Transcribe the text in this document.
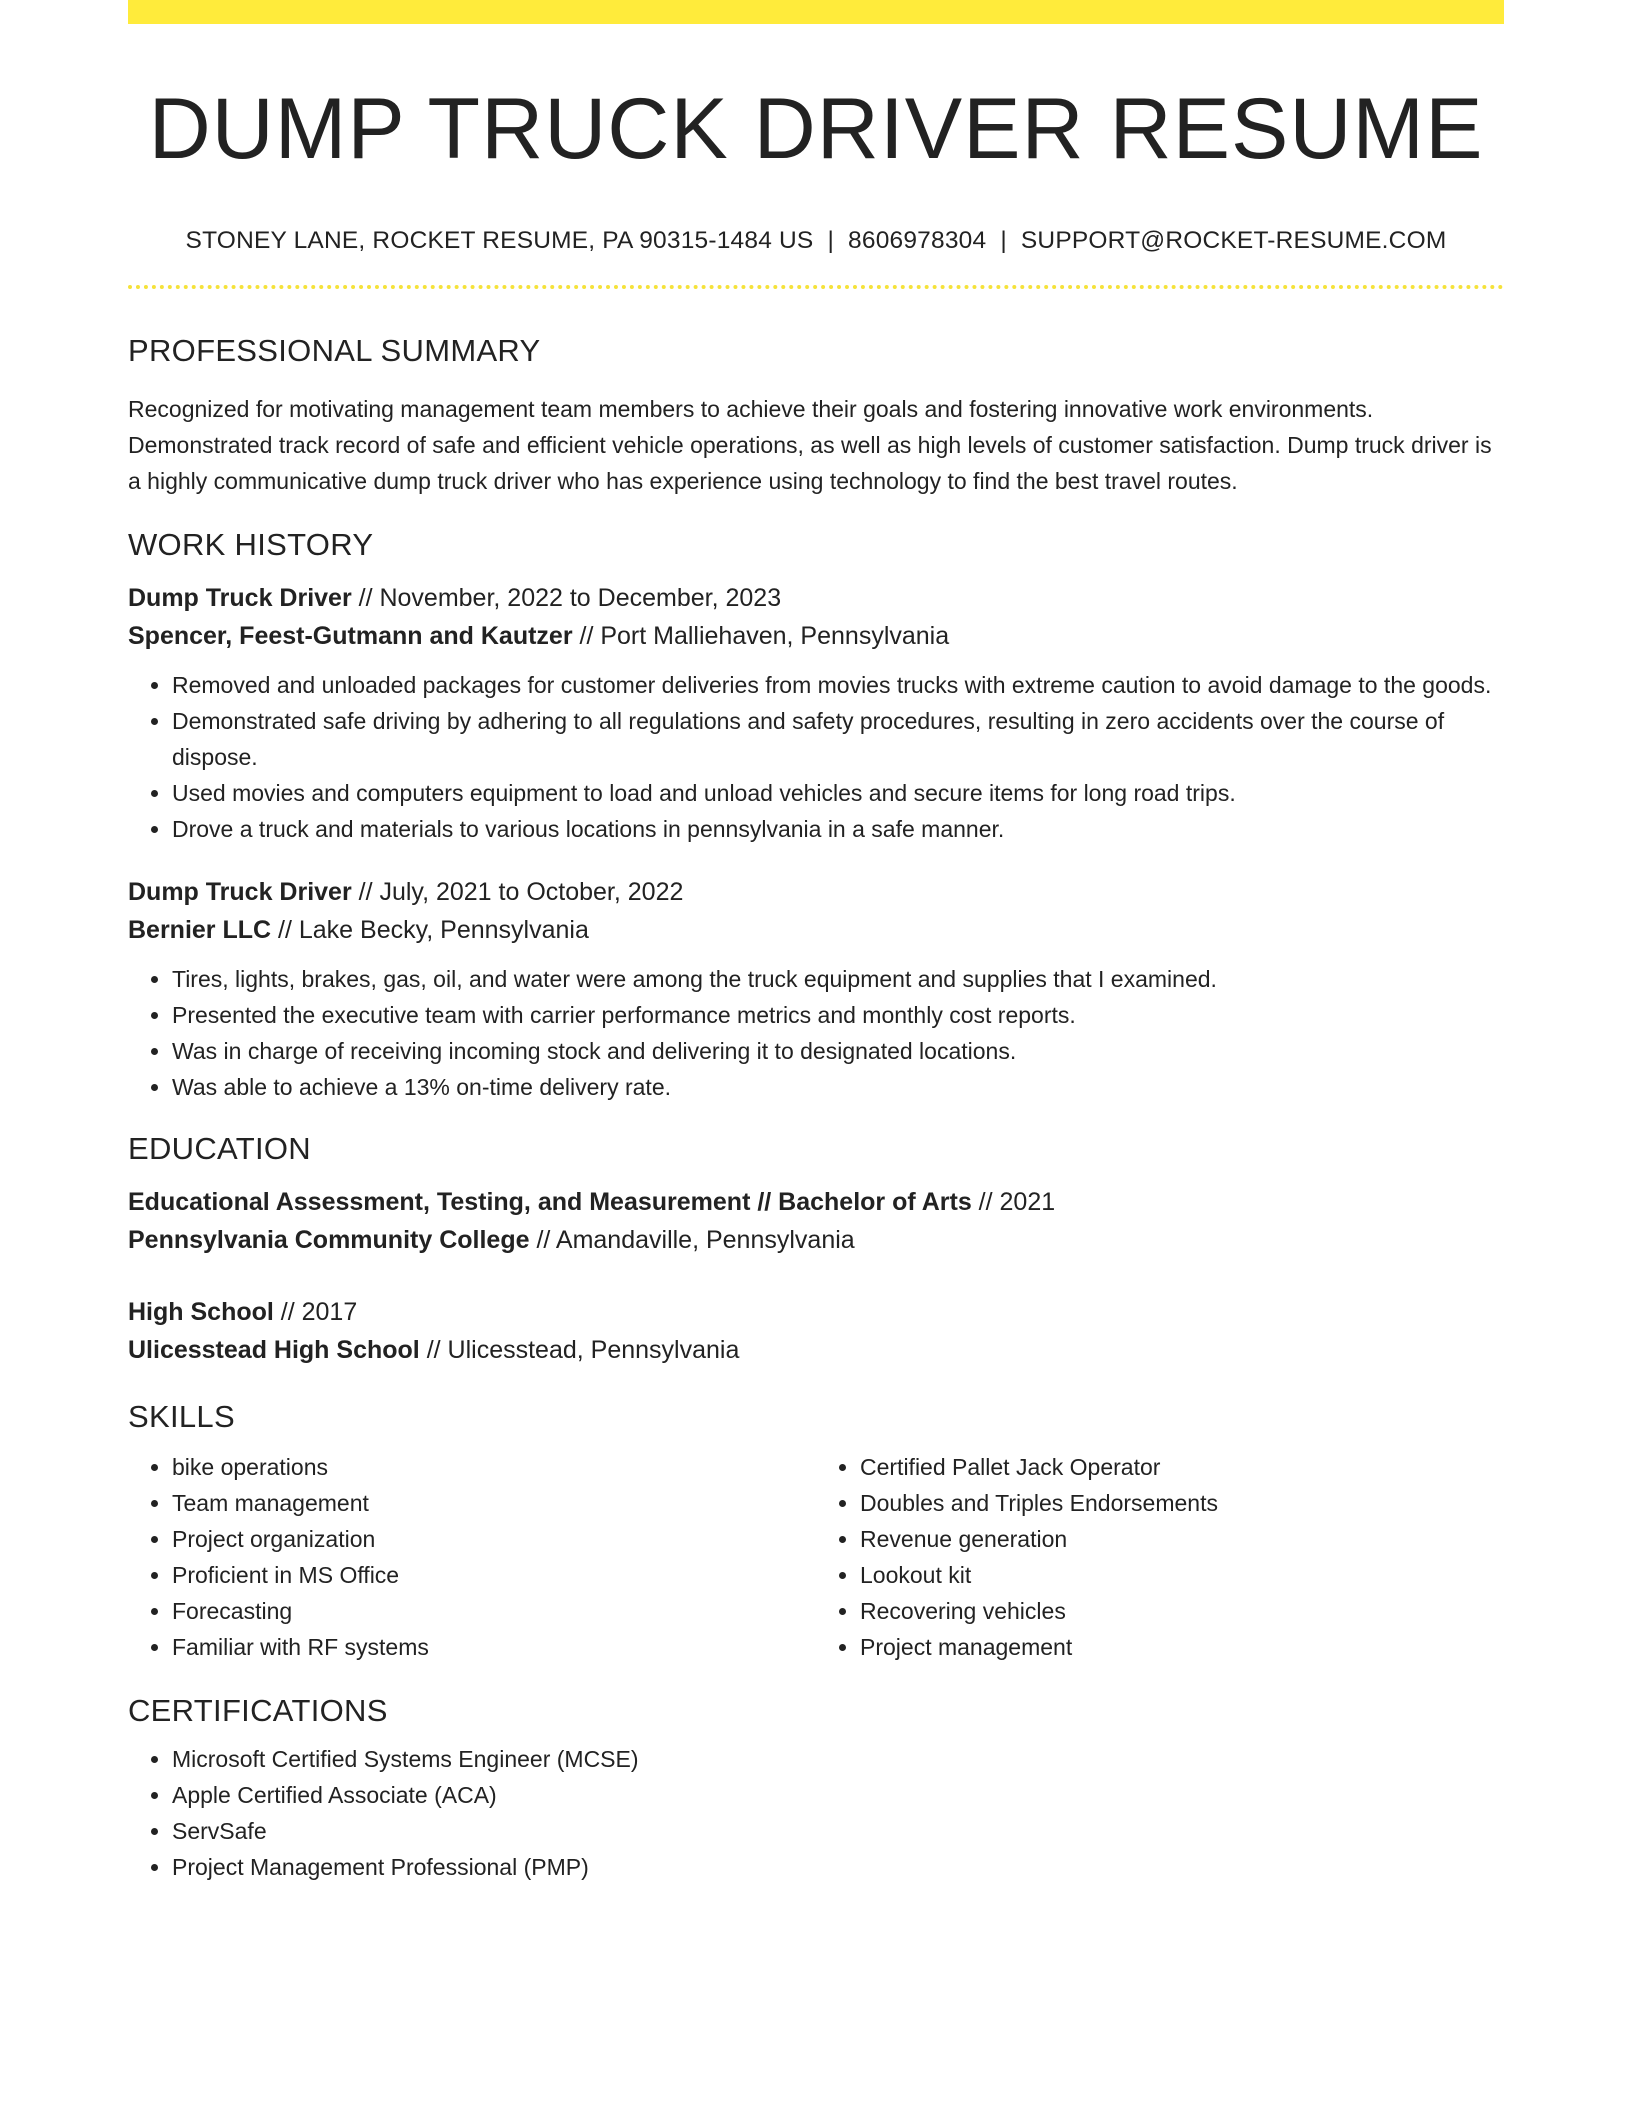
DUMP TRUCK DRIVER RESUME
STONEY LANE, ROCKET RESUME, PA 90315-1484 US | 8606978304 | SUPPORT@ROCKET-RESUME.COM
PROFESSIONAL SUMMARY

Recognized for motivating management team members to achieve their goals and fostering innovative work environments. Demonstrated track record of safe and efficient vehicle operations, as well as high levels of customer satisfaction. Dump truck driver is a highly communicative dump truck driver who has experience using technology to find the best travel routes.

WORK HISTORY
Dump Truck Driver // November, 2022 to December, 2023
Spencer, Feest-Gutmann and Kautzer // Port Malliehaven, Pennsylvania
• Removed and unloaded packages for customer deliveries from movies trucks with extreme caution to avoid damage to the goods.
• Demonstrated safe driving by adhering to all regulations and safety procedures, resulting in zero accidents over the course of dispose.
• Used movies and computers equipment to load and unload vehicles and secure items for long road trips.
• Drove a truck and materials to various locations in pennsylvania in a safe manner.
Dump Truck Driver // July, 2021 to October, 2022
Bernier LLC // Lake Becky, Pennsylvania
• Tires, lights, brakes, gas, oil, and water were among the truck equipment and supplies that I examined.
• Presented the executive team with carrier performance metrics and monthly cost reports.
• Was in charge of receiving incoming stock and delivering it to designated locations.
• Was able to achieve a 13% on-time delivery rate.
EDUCATION
Educational Assessment, Testing, and Measurement // Bachelor of Arts // 2021
Pennsylvania Community College // Amandaville, Pennsylvania
High School // 2017
Ulicesstead High School // Ulicesstead, Pennsylvania
SKILLS
• bike operations
• Team management
• Project organization
• Proficient in MS Office
• Forecasting
• Familiar with RF systems
• Certified Pallet Jack Operator
• Doubles and Triples Endorsements
• Revenue generation
• Lookout kit
• Recovering vehicles
• Project management
CERTIFICATIONS
• Microsoft Certified Systems Engineer (MCSE)
• Apple Certified Associate (ACA)
• ServSafe
• Project Management Professional (PMP)
